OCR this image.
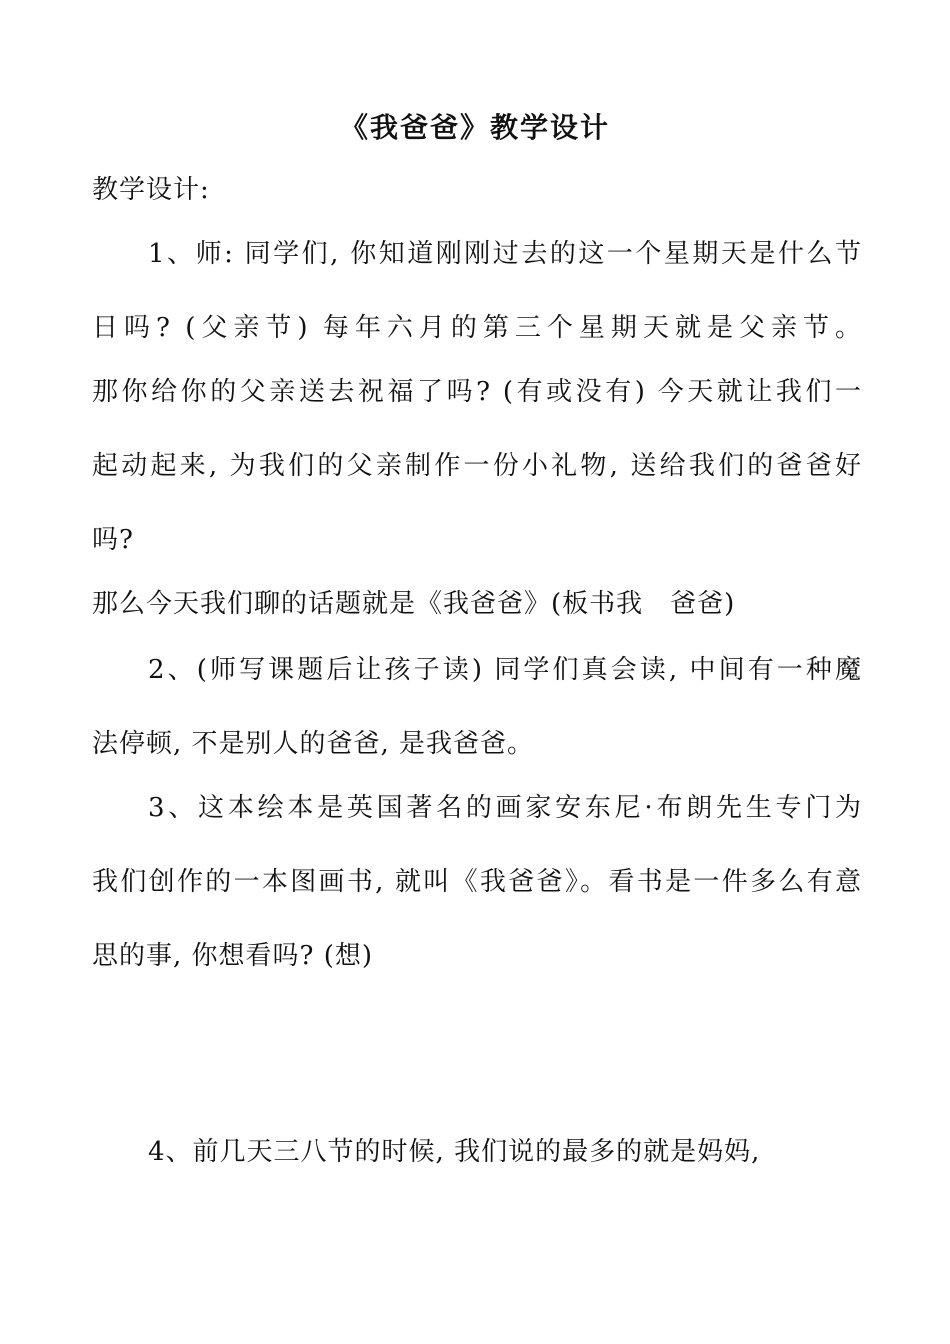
《我爸爸》教学设计
教学设计:
1、师: 同学们, 你知道刚刚过去的这一个星期天是什么节
日吗? (父亲节) 每年六月的第三个星期天就是父亲节。
那你给你的父亲送去祝福了吗? (有或没有) 今天就让我们一
起动起来, 为我们的父亲制作一份小礼物, 送给我们的爸爸好
吗?
那么今天我们聊的话题就是《我爸爸》(板书我　爸爸)
2、(师写课题后让孩子读) 同学们真会读, 中间有一种魔
法停顿, 不是别人的爸爸, 是我爸爸。
3、这本绘本是英国著名的画家安东尼·布朗先生专门为
我们创作的一本图画书, 就叫《我爸爸》。看书是一件多么有意
思的事, 你想看吗? (想)
4、前几天三八节的时候, 我们说的最多的就是妈妈,
